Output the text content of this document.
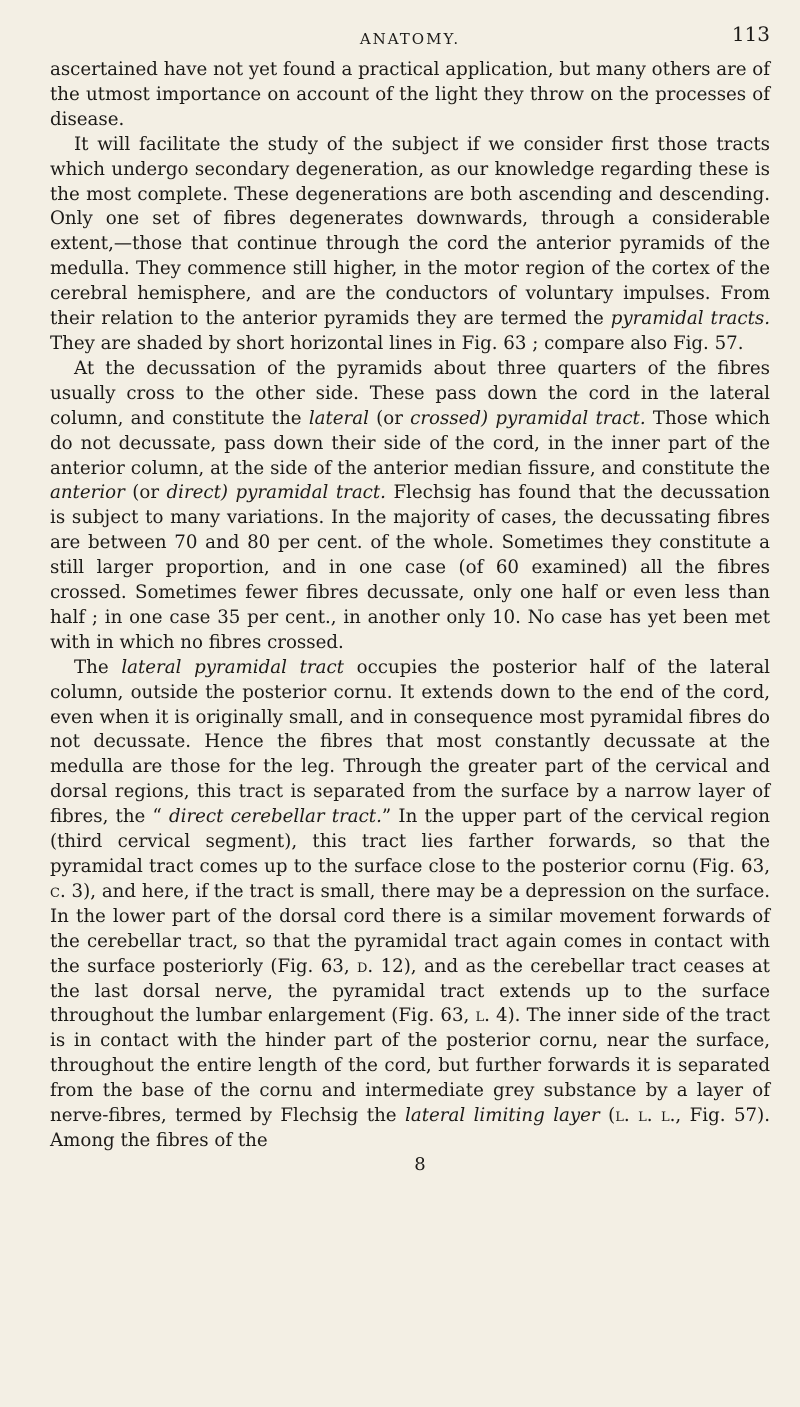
ANATOMY.	113

ascertained have not yet found a practical application, but many others are of the utmost importance on account of the light they throw on the processes of disease.

It will facilitate the study of the subject if we consider first those tracts which undergo secondary degeneration, as our knowledge regarding these is the most complete. These degenerations are both ascending and descending. Only one set of fibres degenerates downwards, through a considerable extent,—those that continue through the cord the anterior pyramids of the medulla. They commence still higher, in the motor region of the cortex of the cerebral hemisphere, and are the conductors of voluntary impulses. From their relation to the anterior pyramids they are termed the pyramidal tracts. They are shaded by short horizontal lines in Fig. 63 ; compare also Fig. 57.

At the decussation of the pyramids about three quarters of the fibres usually cross to the other side. These pass down the cord in the lateral column, and constitute the lateral (or crossed) pyramidal tract. Those which do not decussate, pass down their side of the cord, in the inner part of the anterior column, at the side of the anterior median fissure, and constitute the anterior (or direct) pyramidal tract. Flechsig has found that the decussation is subject to many variations. In the majority of cases, the decussating fibres are between 70 and 80 per cent. of the whole. Sometimes they constitute a still larger proportion, and in one case (of 60 examined) all the fibres crossed. Sometimes fewer fibres decussate, only one half or even less than half ; in one case 35 per cent., in another only 10. No case has yet been met with in which no fibres crossed.

The lateral pyramidal tract occupies the posterior half of the lateral column, outside the posterior cornu. It extends down to the end of the cord, even when it is originally small, and in consequence most pyramidal fibres do not decussate. Hence the fibres that most constantly decussate at the medulla are those for the leg. Through the greater part of the cervical and dorsal regions, this tract is separated from the surface by a narrow layer of fibres, the “ direct cerebellar tract.” In the upper part of the cervical region (third cervical segment), this tract lies farther forwards, so that the pyramidal tract comes up to the surface close to the posterior cornu (Fig. 63, c. 3), and here, if the tract is small, there may be a depression on the surface. In the lower part of the dorsal cord there is a similar movement forwards of the cerebellar tract, so that the pyramidal tract again comes in contact with the surface posteriorly (Fig. 63, d. 12), and as the cerebellar tract ceases at the last dorsal nerve, the pyramidal tract extends up to the surface throughout the lumbar enlargement (Fig. 63, l. 4). The inner side of the tract is in contact with the hinder part of the posterior cornu, near the surface, throughout the entire length of the cord, but further forwards it is separated from the base of the cornu and intermediate grey substance by a layer of nerve-fibres, termed by Flechsig the lateral limiting layer (l. l. l., Fig. 57). Among the fibres of the

8
